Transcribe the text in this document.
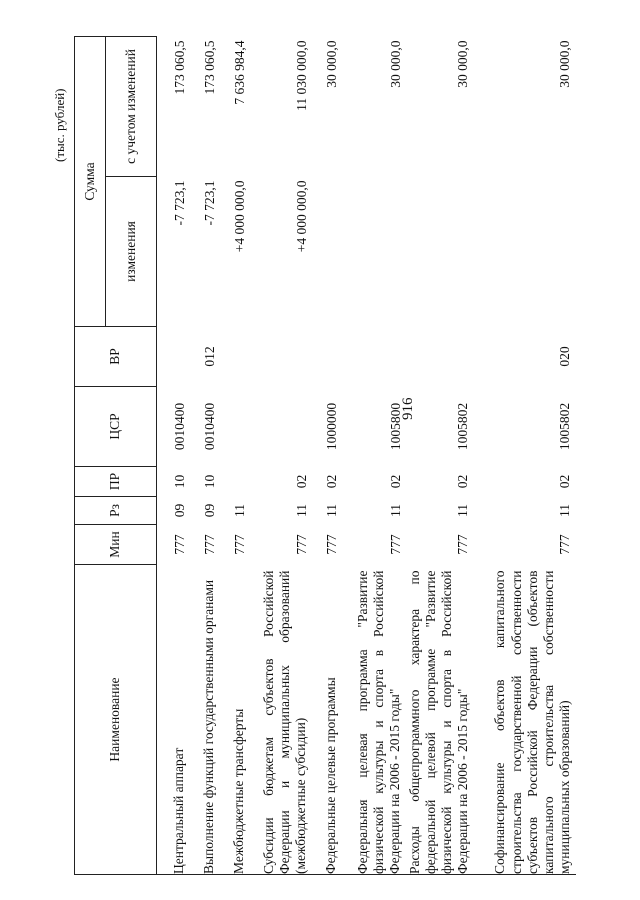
916
(тыс. рублей)
Наименование	Мин	Рз	ПР	ЦСР	ВР	Сумма	
						изменения	с учетом изменений
Центральный аппарат	777	09	10	0010400		-7 723,1	173 060,5
Выполнение функций государственными органами	777	09	10	0010400	012	-7 723,1	173 060,5
Межбюджетные трансферты	777	11				+4 000 000,0	7 636 984,4
Субсидии бюджетам субъектов Российской Федерации и муниципальных образований (межбюджетные субсидии)	777	11	02			+4 000 000,0	11 030 000,0
Федеральные целевые программы	777	11	02	1000000			30 000,0
Федеральная целевая программа "Развитие физической культуры и спорта в Российской Федерации на 2006 - 2015 годы"	777	11	02	1005800			30 000,0
Расходы общепрограммного характера по федеральной целевой программе "Развитие физической культуры и спорта в Российской Федерации на 2006 - 2015 годы"	777	11	02	1005802			30 000,0
Софинансирование объектов капитального строительства государственной собственности субъектов Российской Федерации (объектов капитального строительства собственности муниципальных образований)	777	11	02	1005802	020		30 000,0
